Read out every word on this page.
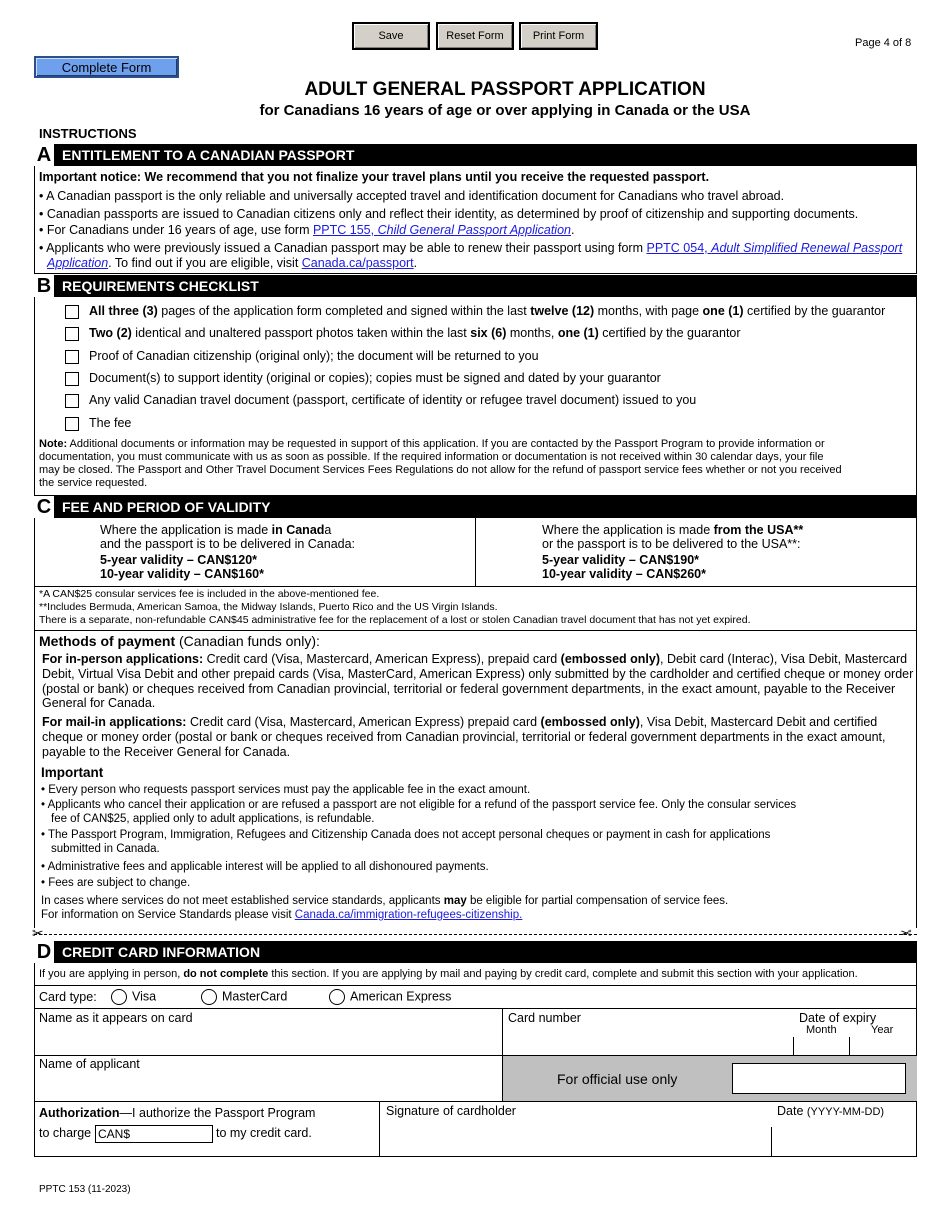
Save	Reset Form	Print Form
Page 4 of 8
Complete Form
ADULT GENERAL PASSPORT APPLICATION
for Canadians 16 years of age or over applying in Canada or the USA
INSTRUCTIONS
A ENTITLEMENT TO A CANADIAN PASSPORT
Important notice: We recommend that you not finalize your travel plans until you receive the requested passport.
• A Canadian passport is the only reliable and universally accepted travel and identification document for Canadians who travel abroad.
• Canadian passports are issued to Canadian citizens only and reflect their identity, as determined by proof of citizenship and supporting documents.
• For Canadians under 16 years of age, use form PPTC 155, Child General Passport Application.
• Applicants who were previously issued a Canadian passport may be able to renew their passport using form PPTC 054, Adult Simplified Renewal Passport
Application. To find out if you are eligible, visit Canada.ca/passport.
B REQUIREMENTS CHECKLIST
All three (3) pages of the application form completed and signed within the last twelve (12) months, with page one (1) certified by the guarantor
Two (2) identical and unaltered passport photos taken within the last six (6) months, one (1) certified by the guarantor
Proof of Canadian citizenship (original only); the document will be returned to you
Document(s) to support identity (original or copies); copies must be signed and dated by your guarantor
Any valid Canadian travel document (passport, certificate of identity or refugee travel document) issued to you
The fee
Note: Additional documents or information may be requested in support of this application. If you are contacted by the Passport Program to provide information or
documentation, you must communicate with us as soon as possible. If the required information or documentation is not received within 30 calendar days, your file
may be closed. The Passport and Other Travel Document Services Fees Regulations do not allow for the refund of passport service fees whether or not you received
the service requested.
C FEE AND PERIOD OF VALIDITY
Where the application is made in Canada
and the passport is to be delivered in Canada:
5-year validity – CAN$120*
10-year validity – CAN$160*
Where the application is made from the USA**
or the passport is to be delivered to the USA**:
5-year validity – CAN$190*
10-year validity – CAN$260*
*A CAN$25 consular services fee is included in the above-mentioned fee.
**Includes Bermuda, American Samoa, the Midway Islands, Puerto Rico and the US Virgin Islands.
There is a separate, non-refundable CAN$45 administrative fee for the replacement of a lost or stolen Canadian travel document that has not yet expired.
Methods of payment (Canadian funds only):
For in-person applications: Credit card (Visa, Mastercard, American Express), prepaid card (embossed only), Debit card (Interac), Visa Debit, Mastercard
Debit, Virtual Visa Debit and other prepaid cards (Visa, MasterCard, American Express) only submitted by the cardholder and certified cheque or money order
(postal or bank) or cheques received from Canadian provincial, territorial or federal government departments, in the exact amount, payable to the Receiver
General for Canada.
For mail-in applications: Credit card (Visa, Mastercard, American Express) prepaid card (embossed only), Visa Debit, Mastercard Debit and certified
cheque or money order (postal or bank or cheques received from Canadian provincial, territorial or federal government departments in the exact amount,
payable to the Receiver General for Canada.
Important
• Every person who requests passport services must pay the applicable fee in the exact amount.
• Applicants who cancel their application or are refused a passport are not eligible for a refund of the passport service fee. Only the consular services
fee of CAN$25, applied only to adult applications, is refundable.
• The Passport Program, Immigration, Refugees and Citizenship Canada does not accept personal cheques or payment in cash for applications
submitted in Canada.
• Administrative fees and applicable interest will be applied to all dishonoured payments.
• Fees are subject to change.
In cases where services do not meet established service standards, applicants may be eligible for partial compensation of service fees.
For information on Service Standards please visit Canada.ca/immigration-refugees-citizenship.
✂	✂
D CREDIT CARD INFORMATION
If you are applying in person, do not complete this section. If you are applying by mail and paying by credit card, complete and submit this section with your application.
Card type:	Visa	MasterCard	American Express
Name as it appears on card	Card number	Date of expiry
Month	Year
Name of applicant
For official use only
Authorization—I authorize the Passport Program
to charge CAN$	to my credit card.
Signature of cardholder	Date (YYYY-MM-DD)
PPTC 153 (11-2023)
